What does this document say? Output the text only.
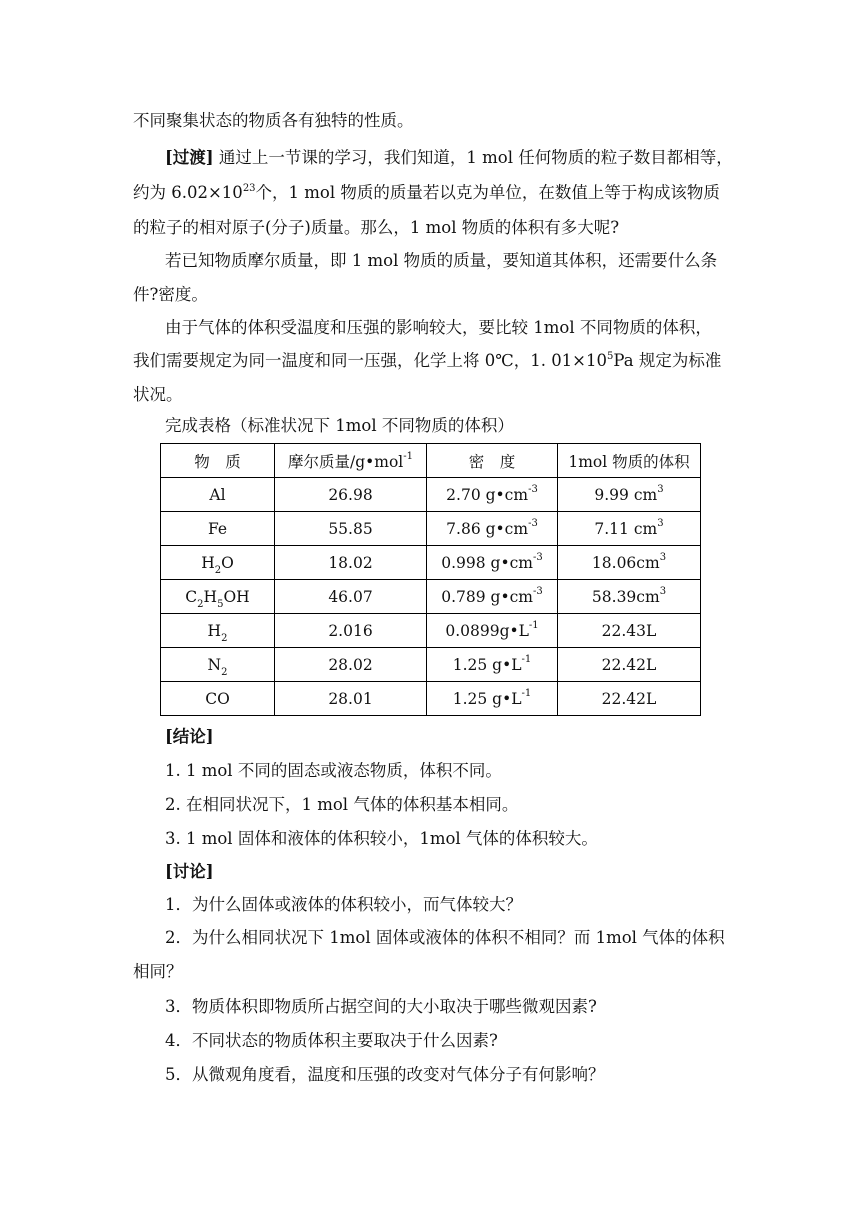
不同聚集状态的物质各有独特的性质。
[过渡] 通过上一节课的学习，我们知道，1 mol 任何物质的粒子数目都相等，
约为 $6.02\times 10^{23}$个，1 mol 物质的质量若以克为单位，在数值上等于构成该物质
的粒子的相对原子(分子)质量。那么，1 mol 物质的体积有多大呢?
若已知物质摩尔质量，即 1 mol 物质的质量，要知道其体积，还需要什么条
件?密度。
由于气体的体积受温度和压强的影响较大，要比较 1mol 不同物质的体积，
我们需要规定为同一温度和同一压强，化学上将 0℃，1. $01\times 10^5Pa$ 规定为标准
状况。
完成表格（标准状况下 1mol 不同物质的体积）
物　质	摩尔质量/g•mol$^{-1}$	密　度	1mol 物质的体积
Al	26.98	2.70 $g•cm^{-3}$	9.99 $cm^3$
Fe	55.85	7.86 $g•cm^{-3}$	7.11 $cm^3$
$H_2O$	18.02	0.998 $g•cm^{-3}$	$18.06cm^3$
$C_2H_5OH$	46.07	0.789 $g•cm^{-3}$	$58.39cm^3$
$H_2$	2.016	$0.0899g•L^{-1}$	22.43L
$N_2$	28.02	1.25 $g•L^{-1}$	22.42L
CO	28.01	1.25 $g•L^{-1}$	22.42L
[结论]
1. 1 mol 不同的固态或液态物质，体积不同。
2. 在相同状况下，1 mol 气体的体积基本相同。
3. 1 mol 固体和液体的体积较小，1mol 气体的体积较大。
[讨论]
1．为什么固体或液体的体积较小，而气体较大？
2．为什么相同状况下 1mol 固体或液体的体积不相同？而 1mol 气体的体积
相同？
3．物质体积即物质所占据空间的大小取决于哪些微观因素?
4．不同状态的物质体积主要取决于什么因素?
5．从微观角度看，温度和压强的改变对气体分子有何影响？
